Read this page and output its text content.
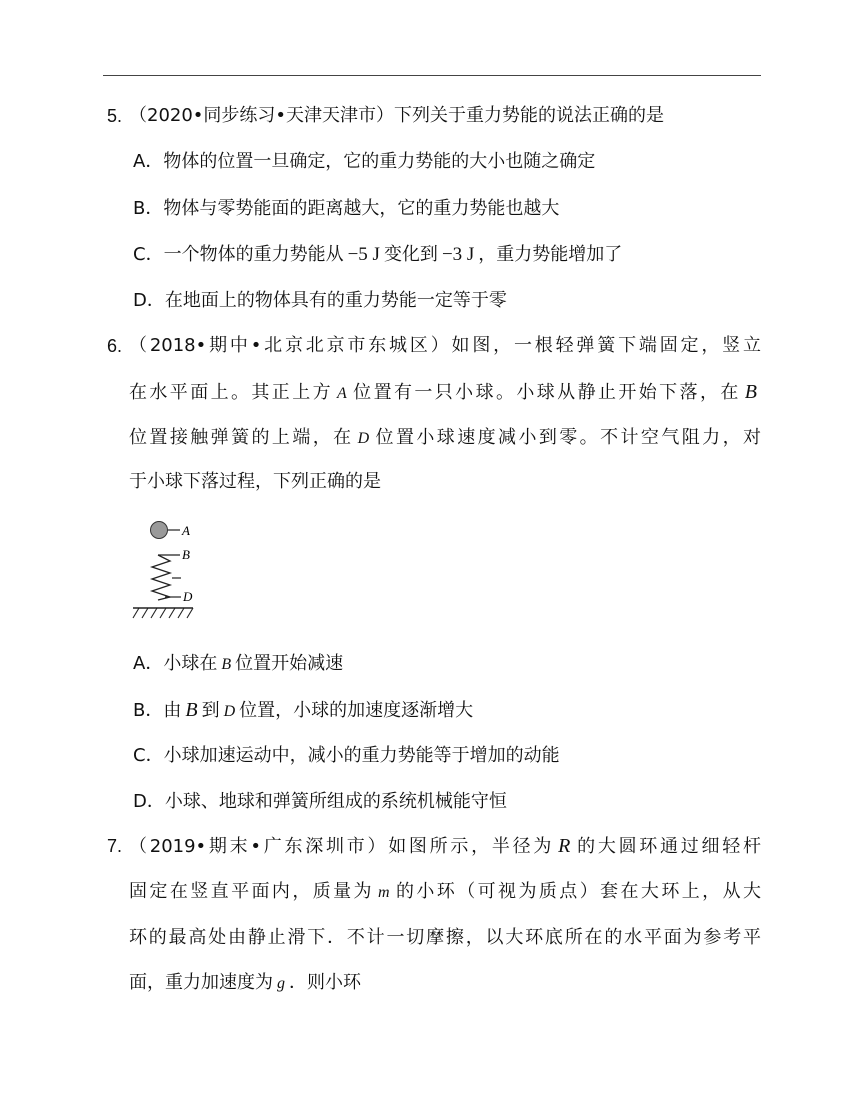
5. （2020•同步练习•天津天津市）下列关于重力势能的说法正确的是
A．物体的位置一旦确定，它的重力势能的大小也随之确定
B．物体与零势能面的距离越大，它的重力势能也越大
C．一个物体的重力势能从 −5 J 变化到 −3 J ，重力势能增加了
D．在地面上的物体具有的重力势能一定等于零
6. （2018•期中•北京北京市东城区）如图，一根轻弹簧下端固定，竖立
在水平面上。其正上方 A 位置有一只小球。小球从静止开始下落，在 B
位置接触弹簧的上端，在 D 位置小球速度减小到零。不计空气阻力，对
于小球下落过程，下列正确的是
A
B
D
A．小球在 B 位置开始减速
B．由 B 到 D 位置，小球的加速度逐渐增大
C．小球加速运动中，减小的重力势能等于增加的动能
D．小球、地球和弹簧所组成的系统机械能守恒
7. （2019•期末•广东深圳市）如图所示，半径为 R 的大圆环通过细轻杆
固定在竖直平面内，质量为 m 的小环（可视为质点）套在大环上，从大
环的最高处由静止滑下．不计一切摩擦，以大环底所在的水平面为参考平
面，重力加速度为 g ．则小环
